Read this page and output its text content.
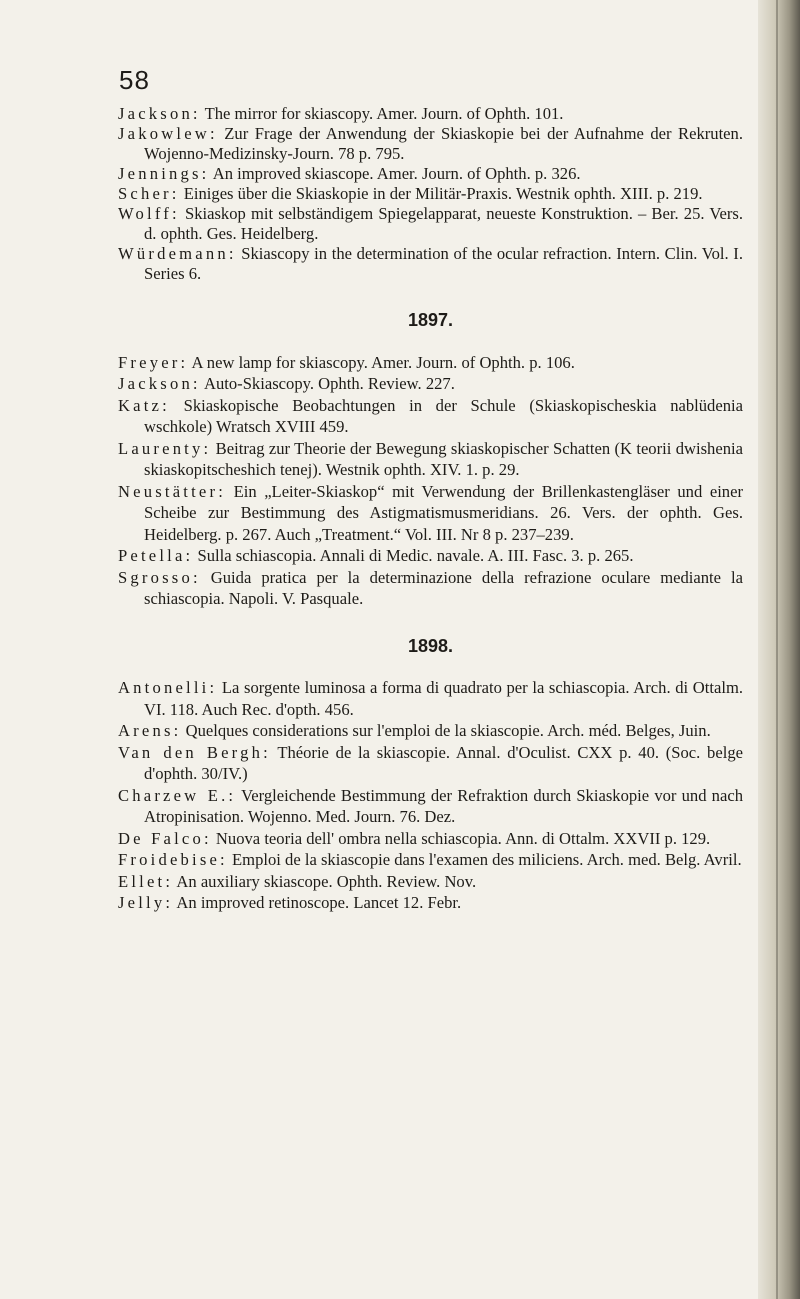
58
Jackson: The mirror for skiascopy. Amer. Journ. of Ophth. 101.
Jakowlew: Zur Frage der Anwendung der Skiaskopie bei der Aufnahme der Rekruten. Wojenno-Medizinsky-Journ. 78 p. 795.
Jennings: An improved skiascope. Amer. Journ. of Ophth. p. 326.
Scher: Einiges über die Skiaskopie in der Militär-Praxis. Westnik ophth. XIII. p. 219.
Wolff: Skiaskop mit selbständigem Spiegelapparat, neueste Konstruktion. – Ber. 25. Vers. d. ophth. Ges. Heidelberg.
Würdemann: Skiascopy in the determination of the ocular refraction. Intern. Clin. Vol. I. Series 6.
1897.
Freyer: A new lamp for skiascopy. Amer. Journ. of Ophth. p. 106.
Jackson: Auto-Skiascopy. Ophth. Review. 227.
Katz: Skiaskopische Beobachtungen in der Schule (Skiaskopischeskia nablüdenia wschkole) Wratsch XVIII 459.
Laurenty: Beitrag zur Theorie der Bewegung skiaskopischer Schatten (K teorii dwishenia skiaskopitscheshich tenej). Westnik ophth. XIV. 1. p. 29.
Neustätter: Ein „Leiter-Skiaskop“ mit Verwendung der Brillenkastengläser und einer Scheibe zur Bestimmung des Astigmatismusmeridians. 26. Vers. der ophth. Ges. Heidelberg. p. 267. Auch „Treatment.“ Vol. III. Nr 8 p. 237–239.
Petella: Sulla schiascopia. Annali di Medic. navale. A. III. Fasc. 3. p. 265.
Sgrosso: Guida pratica per la determinazione della refrazione oculare mediante la schiascopia. Napoli. V. Pasquale.
1898.
Antonelli: La sorgente luminosa a forma di quadrato per la schiascopia. Arch. di Ottalm. VI. 118. Auch Rec. d'opth. 456.
Arens: Quelques considerations sur l'emploi de la skiascopie. Arch. méd. Belges, Juin.
Van den Bergh: Théorie de la skiascopie. Annal. d'Oculist. CXX p. 40. (Soc. belge d'ophth. 30/IV.)
Charzew E.: Vergleichende Bestimmung der Refraktion durch Skiaskopie vor und nach Atropinisation. Wojenno. Med. Journ. 76. Dez.
De Falco: Nuova teoria dell' ombra nella schiascopia. Ann. di Ottalm. XXVII p. 129.
Froidebise: Emploi de la skiascopie dans l'examen des miliciens. Arch. med. Belg. Avril.
Ellet: An auxiliary skiascope. Ophth. Review. Nov.
Jelly: An improved retinoscope. Lancet 12. Febr.
